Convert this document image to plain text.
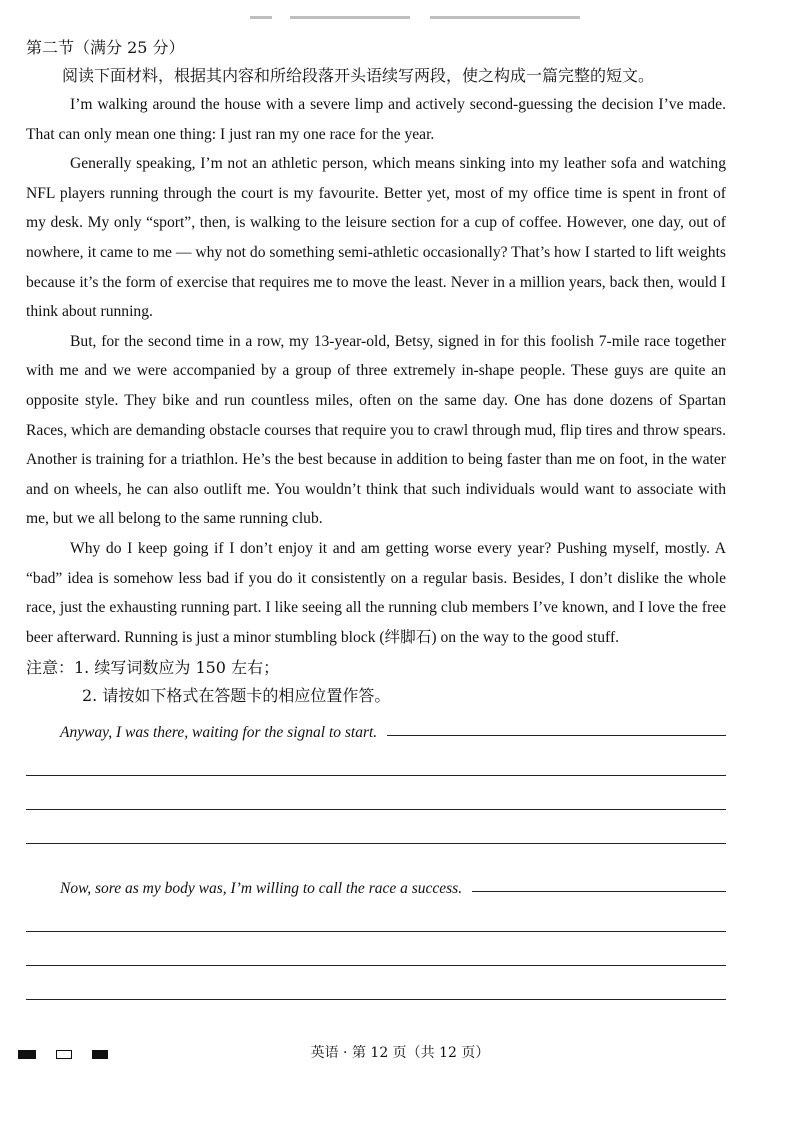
第二节（满分 25 分）

阅读下面材料，根据其内容和所给段落开头语续写两段，使之构成一篇完整的短文。

I’m walking around the house with a severe limp and actively second-guessing the decision I’ve made. That can only mean one thing: I just ran my one race for the year.

Generally speaking, I’m not an athletic person, which means sinking into my leather sofa and watching NFL players running through the court is my favourite. Better yet, most of my office time is spent in front of my desk. My only “sport”, then, is walking to the leisure section for a cup of coffee. However, one day, out of nowhere, it came to me — why not do something semi-athletic occasionally? That’s how I started to lift weights because it’s the form of exercise that requires me to move the least. Never in a million years, back then, would I think about running.

But, for the second time in a row, my 13-year-old, Betsy, signed in for this foolish 7-mile race together with me and we were accompanied by a group of three extremely in-shape people. These guys are quite an opposite style. They bike and run countless miles, often on the same day. One has done dozens of Spartan Races, which are demanding obstacle courses that require you to crawl through mud, flip tires and throw spears. Another is training for a triathlon. He’s the best because in addition to being faster than me on foot, in the water and on wheels, he can also outlift me. You wouldn’t think that such individuals would want to associate with me, but we all belong to the same running club.

Why do I keep going if I don’t enjoy it and am getting worse every year? Pushing myself, mostly. A “bad” idea is somehow less bad if you do it consistently on a regular basis. Besides, I don’t dislike the whole race, just the exhausting running part. I like seeing all the running club members I’ve known, and I love the free beer afterward. Running is just a minor stumbling block (绊脚石) on the way to the good stuff.

注意：1. 续写词数应为 150 左右；

2. 请按如下格式在答题卡的相应位置作答。

Anyway, I was there, waiting for the signal to start.
Now, sore as my body was, I’m willing to call the race a success.
英语 · 第 12 页（共 12 页）
